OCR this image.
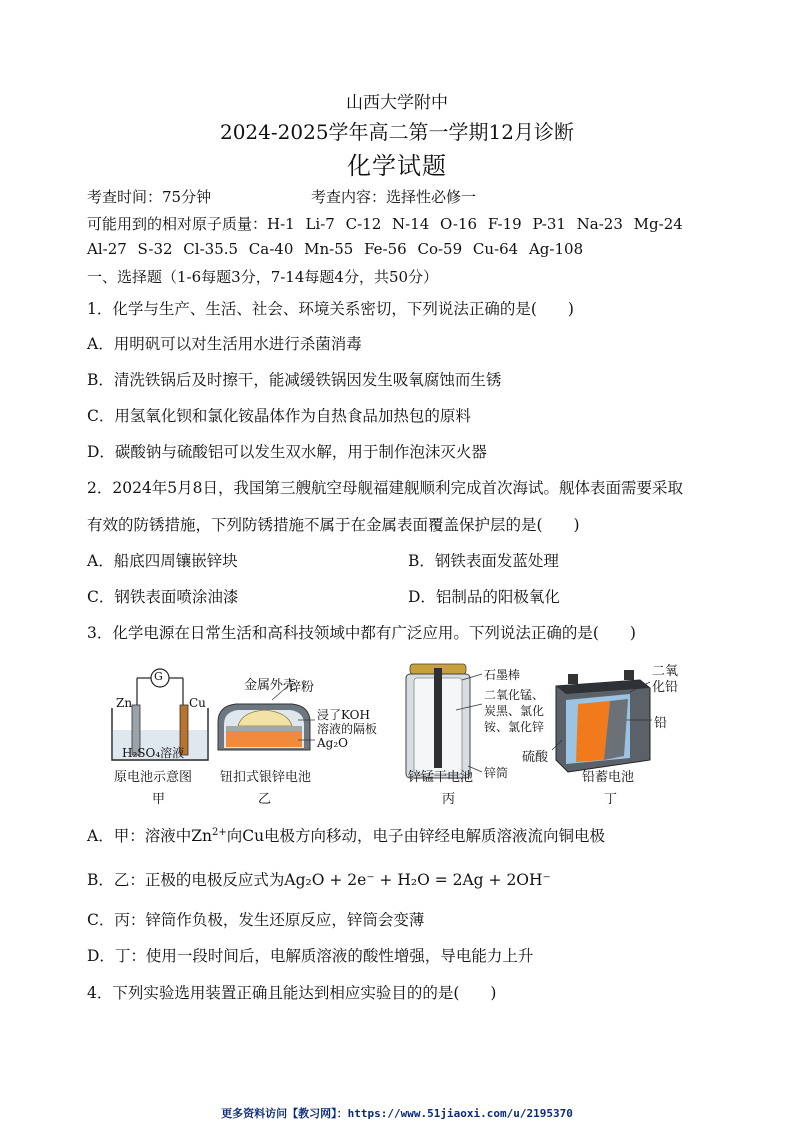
山西大学附中
2024-2025学年高二第一学期12月诊断
化学试题
考查时间：75分钟	考查内容：选择性必修一
可能用到的相对原子质量：H-1 Li-7 C-12 N-14 O-16 F-19 P-31 Na-23 Mg-24
Al-27 S-32 Cl-35.5 Ca-40 Mn-55 Fe-56 Co-59 Cu-64 Ag-108
一、选择题（1-6每题3分，7-14每题4分，共50分）
1．化学与生产、生活、社会、环境关系密切，下列说法正确的是(　　)
A．用明矾可以对生活用水进行杀菌消毒
B．清洗铁锅后及时擦干，能减缓铁锅因发生吸氧腐蚀而生锈
C．用氢氧化钡和氯化铵晶体作为自热食品加热包的原料
D．碳酸钠与硫酸铝可以发生双水解，用于制作泡沫灭火器
2．2024年5月8日，我国第三艘航空母舰福建舰顺利完成首次海试。舰体表面需要采取
有效的防锈措施，下列防锈措施不属于在金属表面覆盖保护层的是(　　)
A．船底四周镶嵌锌块	B．钢铁表面发蓝处理
C．钢铁表面喷涂油漆	D．铝制品的阳极氧化
3．化学电源在日常生活和高科技领域中都有广泛应用。下列说法正确的是(　　)
G
Zn	Cu
H₂SO₄溶液
原电池示意图
甲
金属外壳
锌粉
浸了KOH
溶液的隔板
Ag₂O
钮扣式银锌电池
乙
石墨棒
二氧化锰、
炭黑、氯化
铵、氯化锌
锌筒
锌锰干电池
丙
二氧
化铅
铅
硫酸
铅蓄电池
丁
A．甲：溶液中$Zn^{2+}$向Cu电极方向移动，电子由锌经电解质溶液流向铜电极
B．乙：正极的电极反应式为Ag₂O + 2e⁻ + H₂O = 2Ag + 2OH⁻
C．丙：锌筒作负极，发生还原反应，锌筒会变薄
D．丁：使用一段时间后，电解质溶液的酸性增强，导电能力上升
4．下列实验选用装置正确且能达到相应实验目的的是(　　)
更多资料访问【教习网】：https://www.51jiaoxi.com/u/2195370
